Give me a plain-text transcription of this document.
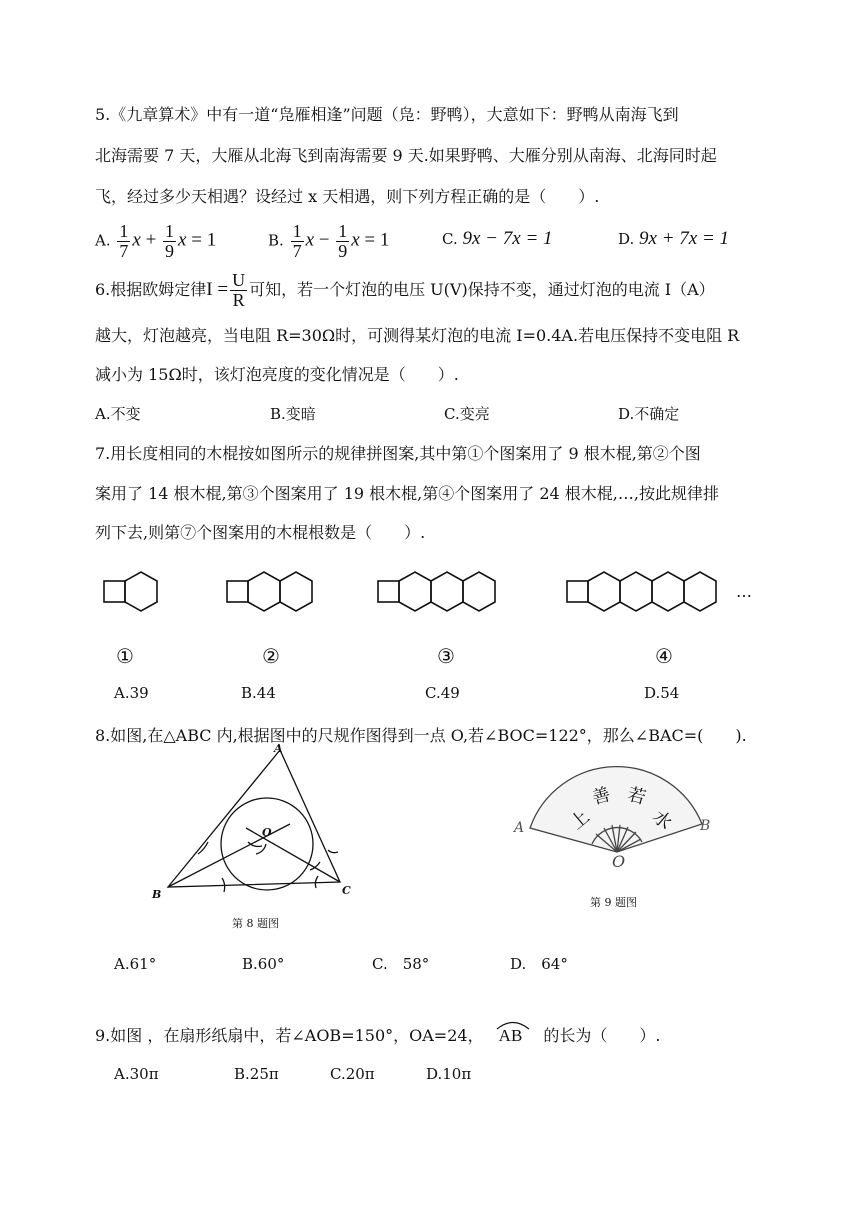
5.《九章算术》中有一道“凫雁相逢”问题（凫：野鸭），大意如下：野鸭从南海飞到
北海需要 7 天，大雁从北海飞到南海需要 9 天.如果野鸭、大雁分别从南海、北海同时起
飞，经过多少天相遇？设经过 x 天相遇，则下列方程正确的是（　　）.
A. $\frac{1}{7}$ $x + \frac{1}{9}$ x = 1	B. $\frac{1}{7}$ $x - \frac{1}{9}$ x = 1	C. 9x − 7x = 1	D. 9x + 7x = 1
6.根据欧姆定律$I = \frac{U}{R}$ 可知，若一个灯泡的电压 U(V)保持不变，通过灯泡的电流 I（A）
越大，灯泡越亮，当电阻 R=30Ω时，可测得某灯泡的电流 I=0.4A.若电压保持不变电阻 R
减小为 15Ω时，该灯泡亮度的变化情况是（　　）.
A.不变	B.变暗	C.变亮	D.不确定
7.用长度相同的木棍按如图所示的规律拼图案,其中第①个图案用了 9 根木棍,第②个图
案用了 14 根木棍,第③个图案用了 19 根木棍,第④个图案用了 24 根木棍,…,按此规律排
列下去,则第⑦个图案用的木棍根数是（　　）.
…
①	②	③	④
A.39	B.44	C.49	D.54
8.如图,在△ABC 内,根据图中的尺规作图得到一点 O,若∠BOC=122°，那么∠BAC=(　　).
A
B	C
O
第 8 题图
上
善 若
水
A	B
O
第 9 题图
A.61°	B.60°	C.　58°	D.　64°
9.如图 ，在扇形纸扇中，若∠AOB=150°，OA=24， AB 的长为（　　）.
A.30π	B.25π	C.20π	D.10π
